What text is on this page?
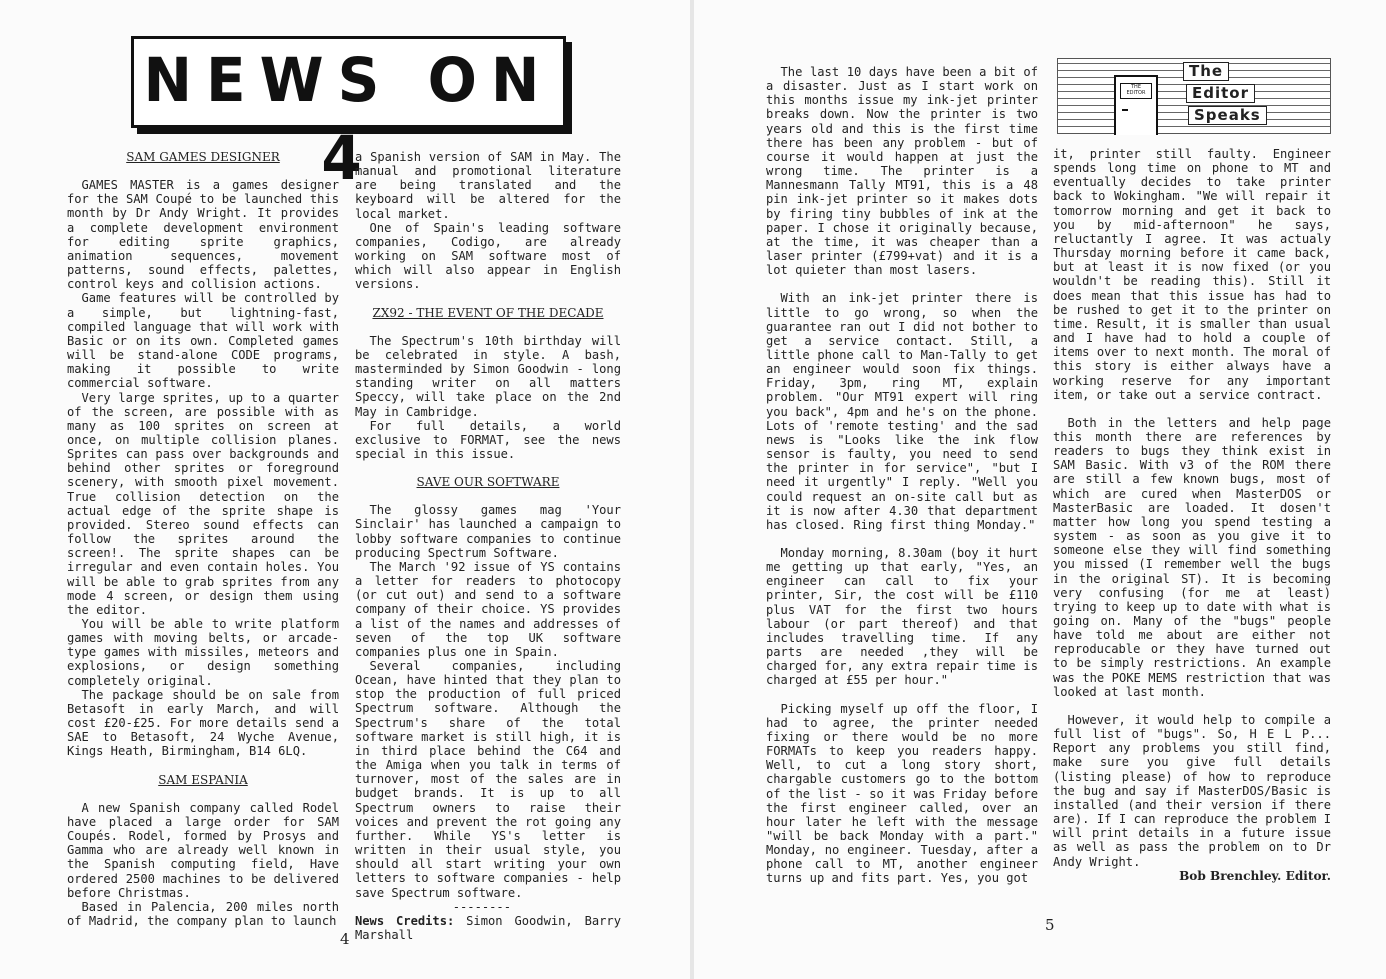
NEWS ON 4
SAM GAMES DESIGNER

GAMES MASTER is a games designer for the SAM Coupé to be launched this month by Dr Andy Wright. It provides a complete development environment for editing sprite graphics, animation sequences, movement patterns, sound effects, palettes, control keys and collision actions.

Game features will be controlled by a simple, but lightning-fast, compiled language that will work with Basic or on its own. Completed games will be stand-alone CODE programs, making it possible to write commercial software.

Very large sprites, up to a quarter of the screen, are possible with as many as 100 sprites on screen at once, on multiple collision planes. Sprites can pass over backgrounds and behind other sprites or foreground scenery, with smooth pixel movement. True collision detection on the actual edge of the sprite shape is provided. Stereo sound effects can follow the sprites around the screen!. The sprite shapes can be irregular and even contain holes. You will be able to grab sprites from any mode 4 screen, or design them using the editor.

You will be able to write platform games with moving belts, or arcade-type games with missiles, meteors and explosions, or design something completely original.

The package should be on sale from Betasoft in early March, and will cost £20-£25. For more details send a SAE to Betasoft, 24 Wyche Avenue, Kings Heath, Birmingham, B14 6LQ.

SAM ESPANIA

A new Spanish company called Rodel have placed a large order for SAM Coupés. Rodel, formed by Prosys and Gamma who are already well known in the Spanish computing field, Have ordered 2500 machines to be delivered before Christmas.

Based in Palencia, 200 miles north of Madrid, the company plan to launch

a Spanish version of SAM in May. The manual and promotional literature are being translated and the keyboard will be altered for the local market.

One of Spain's leading software companies, Codigo, are already working on SAM software most of which will also appear in English versions.

ZX92 - THE EVENT OF THE DECADE

The Spectrum's 10th birthday will be celebrated in style. A bash, masterminded by Simon Goodwin - long standing writer on all matters Speccy, will take place on the 2nd May in Cambridge.

For full details, a world exclusive to FORMAT, see the news special in this issue.

SAVE OUR SOFTWARE

The glossy games mag 'Your Sinclair' has launched a campaign to lobby software companies to continue producing Spectrum Software.

The March '92 issue of YS contains a letter for readers to photocopy (or cut out) and send to a software company of their choice. YS provides a list of the names and addresses of seven of the top UK software companies plus one in Spain.

Several companies, including Ocean, have hinted that they plan to stop the production of full priced Spectrum software. Although the Spectrum's share of the total software market is still high, it is in third place behind the C64 and the Amiga when you talk in terms of turnover, most of the sales are in budget brands. It is up to all Spectrum owners to raise their voices and prevent the rot going any further. While YS's letter is written in their usual style, you should all start writing your own letters to software companies - help save Spectrum software.

--------

News Credits: Simon Goodwin, Barry Marshall

4

The last 10 days have been a bit of a disaster. Just as I start work on this months issue my ink-jet printer breaks down. Now the printer is two years old and this is the first time there has been any problem - but of course it would happen at just the wrong time. The printer is a Mannesmann Tally MT91, this is a 48 pin ink-jet printer so it makes dots by firing tiny bubbles of ink at the paper. I chose it originally because, at the time, it was cheaper than a laser printer (£799+vat) and it is a lot quieter than most lasers.

With an ink-jet printer there is little to go wrong, so when the guarantee ran out I did not bother to get a service contact. Still, a little phone call to Man-Tally to get an engineer would soon fix things. Friday, 3pm, ring MT, explain problem. "Our MT91 expert will ring you back", 4pm and he's on the phone. Lots of 'remote testing' and the sad news is "Looks like the ink flow sensor is faulty, you need to send the printer in for service", "but I need it urgently" I reply. "Well you could request an on-site call but as it is now after 4.30 that department has closed. Ring first thing Monday."

Monday morning, 8.30am (boy it hurt me getting up that early, "Yes, an engineer can call to fix your printer, Sir, the cost will be £110 plus VAT for the first two hours labour (or part thereof) and that includes travelling time. If any parts are needed ,they will be charged for, any extra repair time is charged at £55 per hour."

Picking myself up off the floor, I had to agree, the printer needed fixing or there would be no more FORMATs to keep you readers happy. Well, to cut a long story short, chargable customers go to the bottom of the list - so it was Friday before the first engineer called, over an hour later he left with the message "will be back Monday with a part." Monday, no engineer. Tuesday, after a phone call to MT, another engineer turns up and fits part. Yes, you got

it, printer still faulty. Engineer spends long time on phone to MT and eventually decides to take printer back to Wokingham. "We will repair it tomorrow morning and get it back to you by mid-afternoon" he says, reluctantly I agree. It was actualy Thursday morning before it came back, but at least it is now fixed (or you wouldn't be reading this). Still it does mean that this issue has had to be rushed to get it to the printer on time. Result, it is smaller than usual and I have had to hold a couple of items over to next month. The moral of this story is either always have a working reserve for any important item, or take out a service contract.

Both in the letters and help page this month there are references by readers to bugs they think exist in SAM Basic. With v3 of the ROM there are still a few known bugs, most of which are cured when MasterDOS or MasterBasic are loaded. It dosen't matter how long you spend testing a system - as soon as you give it to someone else they will find something you missed (I remember well the bugs in the original ST). It is becoming very confusing (for me at least) trying to keep up to date with what is going on. Many of the "bugs" people have told me about are either not reproducable or they have turned out to be simply restrictions. An example was the POKE MEMS restriction that was looked at last month.

However, it would help to compile a full list of "bugs". So, H E L P... Report any problems you still find, make sure you give full details (listing please) of how to reproduce the bug and say if MasterDOS/Basic is installed (and their version if there are). If I can reproduce the problem I will print details in a future issue as well as pass the problem on to Dr Andy Wright.

Bob Brenchley. Editor.

5
THE EDITOR
The
Editor
Speaks
